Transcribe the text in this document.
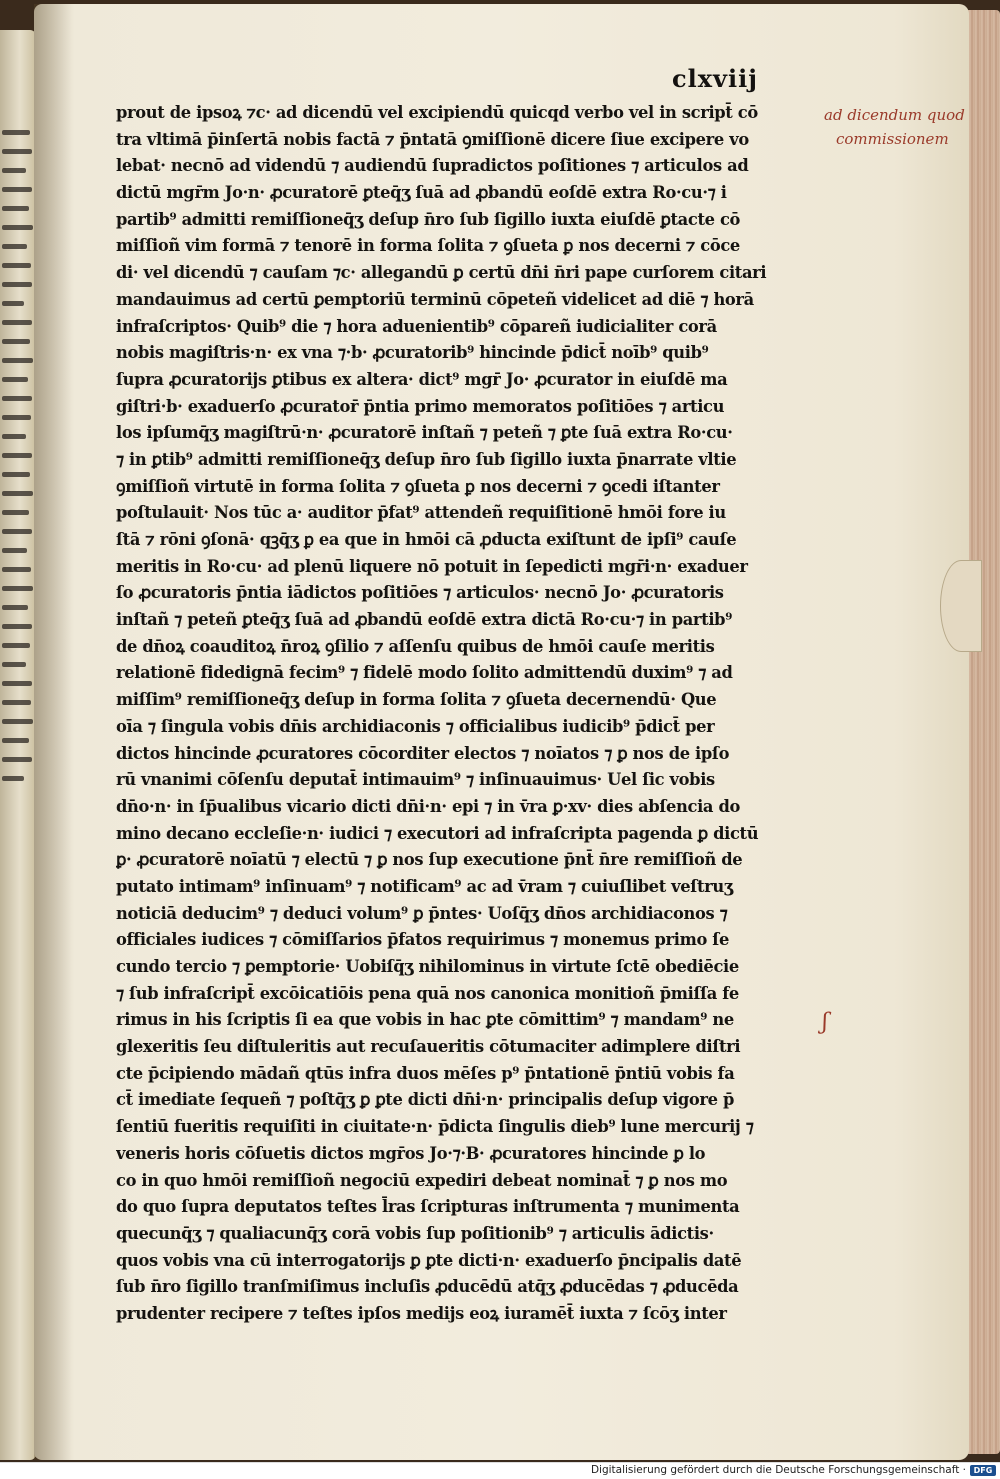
clxviij
prout de ipsoꝝ ⁊c· ad dicendū vel excipiendū quicqd verbo vel in script̄ cō
tra vltimā p̄inſertā nobis factā ⁊ p̄ntatā ꝯmiſſionē dicere ſiue excipere vo
lebat· necnō ad videndū ⁊ audiendū ſupradictos poſitiones ⁊ articulos ad
dictū mgr̄m Jo·n· ꝓcuratorē ꝑteq̄ʒ ſuā ad ꝓbandū eoſdē extra Ro·cu·⁊ i
partib⁹ admitti remiſſioneq̄ʒ deſup n̄ro ſub ſigillo iuxta eiuſdē ꝑtacte cō
miſſioñ vim formā ⁊ tenorē in forma ſolita ⁊ ꝯſueta ꝑ nos decerni ⁊ cōce
di· vel dicendū ⁊ cauſam ⁊c· allegandū ꝑ certū dn̄i n̄ri pape curſorem citari
mandauimus ad certū ꝑemptoriū terminū cōpeteñ videlicet ad diē ⁊ horā
infraſcriptos· Quib⁹ die ⁊ hora aduenientib⁹ cōpareñ iudicialiter corā
nobis magiſtris·n· ex vna ⁊·b· ꝓcuratorib⁹ hincinde p̄dict̄ noīb⁹ quib⁹
ſupra ꝓcuratorijs ꝑtibus ex altera· dict⁹ mgr̄ Jo· ꝓcurator in eiuſdē ma
giſtri·b· exaduerſo ꝓcurator̄ p̄ntia primo memoratos poſitiōes ⁊ articu
los ipſumq̄ʒ magiſtrū·n· ꝓcuratorē inſtañ ⁊ peteñ ⁊ ꝑte ſuā extra Ro·cu·
⁊ in ꝑtib⁹ admitti remiſſioneq̄ʒ deſup n̄ro ſub ſigillo iuxta p̄narrate vltie
ꝯmiſſioñ virtutē in forma ſolita ⁊ ꝯſueta ꝑ nos decerni ⁊ ꝯcedi iſtanter
poſtulauit· Nos tūc a· auditor p̄fat⁹ attendeñ requiſitionē hmōi fore iu
ſtā ⁊ rōni ꝯſonā· qꝫq̄ʒ ꝑ ea que in hmōi cā ꝓducta exiſtunt de ipſi⁹ cauſe
meritis in Ro·cu· ad plenū liquere nō potuit in ſepedicti mgr̄i·n· exaduer
ſo ꝓcuratoris p̄ntia iādictos poſitiōes ⁊ articulos· necnō Jo· ꝓcuratoris
inſtañ ⁊ peteñ ꝑteq̄ʒ ſuā ad ꝓbandū eoſdē extra dictā Ro·cu·⁊ in partib⁹
de dn̄oꝝ coauditoꝝ n̄roꝝ ꝯſilio ⁊ aſſenſu quibus de hmōi cauſe meritis
relationē fidedignā fecim⁹ ⁊ fidelē modo ſolito admittendū duxim⁹ ⁊ ad
miſſim⁹ remiſſioneq̄ʒ deſup in forma ſolita ⁊ ꝯſueta decernendū· Que
oīa ⁊ ſingula vobis dn̄is archidiaconis ⁊ officialibus iudicib⁹ p̄dict̄ per
dictos hincinde ꝓcuratores cōcorditer electos ⁊ noīatos ⁊ ꝑ nos de ipſo
rū vnanimi cōſenſu deputat̄ intimauim⁹ ⁊ inſinuauimus· Uel ſic vobis
dn̄o·n· in ſp̄ualibus vicario dicti dn̄i·n· epi ⁊ in v̄ra ꝑ·xv· dies abſencia do
mino decano eccleſie·n· iudici ⁊ executori ad infraſcripta pagenda ꝑ dictū
ꝑ· ꝓcuratorē noīatū ⁊ electū ⁊ ꝑ nos ſup executione p̄nt̄ n̄re remiſſioñ de
putato intimam⁹ inſinuam⁹ ⁊ notificam⁹ ac ad v̄ram ⁊ cuiuſlibet veſtruʒ
noticiā deducim⁹ ⁊ deduci volum⁹ ꝑ p̄ntes· Uoſq̄ʒ dn̄os archidiaconos ⁊
officiales iudices ⁊ cōmiſſarios p̄fatos requirimus ⁊ monemus primo ſe
cundo tercio ⁊ ꝑemptorie· Uobiſq̄ʒ nihilominus in virtute ſctē obediēcie
⁊ ſub infraſcript̄ excōicatiōis pena quā nos canonica monitioñ p̄miſſa fe
rimus in his ſcriptis ſi ea que vobis in hac ꝑte cōmittim⁹ ⁊ mandam⁹ ne
glexeritis ſeu diſtuleritis aut recuſaueritis cōtumaciter adimplere diſtri
cte p̄cipiendo mādañ qtūs infra duos mēſes p⁹ p̄ntationē p̄ntiū vobis fa
ct̄ imediate ſequeñ ⁊ poſtq̄ʒ ꝑ ꝑte dicti dn̄i·n· principalis deſup vigore p̄
ſentiū fueritis requiſiti in ciuitate·n· p̄dicta ſingulis dieb⁹ lune mercurij ⁊
veneris horis cōſuetis dictos mgr̄os Jo·⁊·B· ꝓcuratores hincinde ꝑ lo
co in quo hmōi remiſſioñ negociū expediri debeat nominat̄ ⁊ ꝑ nos mo
do quo ſupra deputatos teſtes l̄ras ſcripturas inſtrumenta ⁊ munimenta
quecunq̄ʒ ⁊ qualiacunq̄ʒ corā vobis ſup poſitionib⁹ ⁊ articulis ādictis·
quos vobis vna cū interrogatorijs ꝑ ꝑte dicti·n· exaduerſo p̄ncipalis datē
ſub n̄ro ſigillo tranſmiſimus incluſis ꝓducēdū atq̄ʒ ꝓducēdas ⁊ ꝓducēda
prudenter recipere ⁊ teſtes ipſos medijs eoꝝ iuramēt̄ iuxta ⁊ ſcōʒ inter
ad dicendum quod
commissionem
ʃ
Digitalisierung gefördert durch die Deutsche Forschungsgemeinschaft · DFG
